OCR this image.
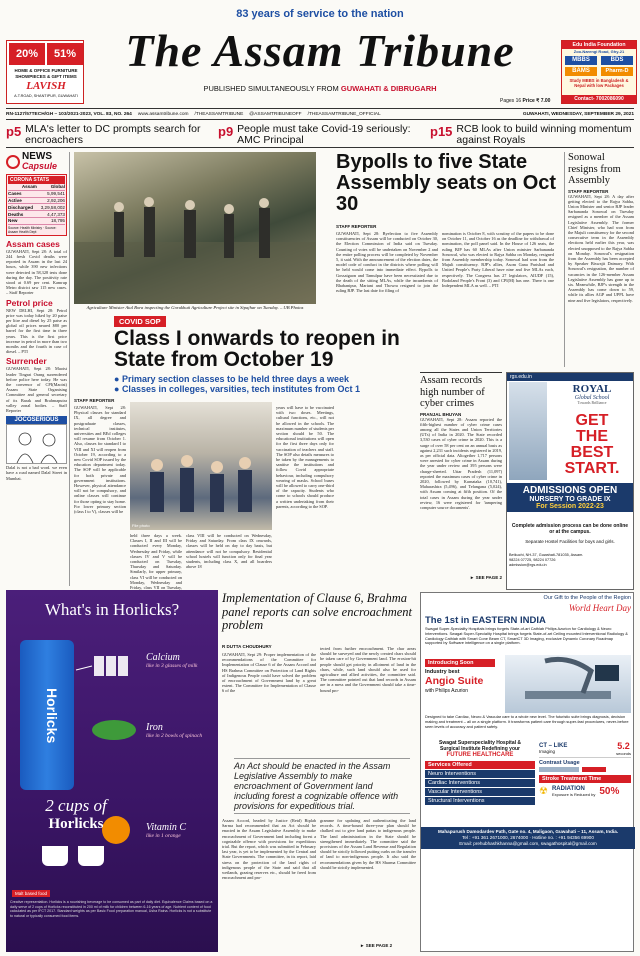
20%	51%
HOME & OFFICE FURNITURE
SHOWPIECES & GIFT ITEMS
LAVISH
A.T.ROAD, SHANTIPUR, GUWAHATI
83 years of service to the nation
The Assam Tribune
PUBLISHED SIMULTANEOUSLY FROM GUWAHATI & DIBRUGARH
Edu India Foundation
Zoo-Narengi Road, Ghy-21
MBBS	BDS
BAMS	Pharm-D
Study MBBS in Bangladesh & Nepal with low Packages
Contact- 7002086090
RN-1127/57TECH/GH – 103/2021-2023, VOL. 83, NO. 264 www.assamtribune.com /THEASSAMTRIBUNE @ASSAMTRIBUNEOFF /THEASSAMTRIBUNE_OFFICIAL	GUWAHATI, WEDNESDAY, SEPTEMBER 29, 2021
Pages 16 Price ₹ 7.00
p5 MLA's letter to DC prompts search for encroachers
p9 People must take Covid-19 seriously: AMC Principal
p15 RCB look to build winning momentum against Royals
NEWS
Capsule
CORONA STATS
Assam	Global
Cases	5,99,541
Active	2,92,206
Discharged 3,29,58,002
Deaths	4,47,373
New	18,795
Source: Health Ministry · Source: Assam Health Dept
Assam cases
GUWAHATI, Sept 28: A total of 244 fresh Covid deaths were reported in Assam in the last 24 hours, while 390 new infections were detected in 58,328 tests done during the day. The positivity rate stood at 0.69 per cent. Kamrup Metro district saw 115 new cases. – Staff Reporter
Petrol price
NEW DELHI, Sept 28: Petrol price was today hiked by 20 paise per litre and diesel by 25 paise as global oil prices neared $80 per barrel for the first time in three years. This is the first price increase in petrol in more than two months and the fourth in case of diesel. – PTI
Surrender
GUWAHATI, Sept 28: Maoist leader Tingrai Orang surrendered before police here today. He was the convenor of CPI(Maoist) Assam State Organising Committee and general secretary of its Barak and Brahmaputra valley zonal bodies. – Staff Reporter
JOCOSERIOUS
Dalal is not a bad word. we even have a road named Dalal Street in Mumbai.
Agriculture Minister Atul Bora inspecting the Gorukhuti Agriculture Project site in Sipajhar on Tuesday. – UB Photos
COVID SOP
Class I onwards to reopen in State from October 19
● Primary section classes to be held three days a week
● Classes in colleges, varsities, tech institutes from Oct 1
STAFF REPORTER
GUWAHATI, Sept 28: Physical classes for standard IX, all degree and postgraduate classes, technical institutes, universities and BEd colleges will resume from October 1. Also, classes for standard I to VIII and XI will reopen from October 19, according to a new Covid SOP issued by the education department today. The SOP will be applicable for both private and government institutions. However, physical attendance will not be compulsory, and online classes will continue for those opting to stay home. For lower primary section (class I to V), classes will be
File photo
held three days a week. Classes I, II and III will be conducted every Monday, Wednesday and Friday, while classes IV and V will be conducted on Tuesday, Thursday and Saturday. Similarly, for upper primary, class VI will be conducted on Monday, Wednesday and Friday, class VII on Tuesday,
class VIII will be conducted on Wednesday, Friday and Saturday. From class IX onwards, classes will be held on day to day basis, but attendance will not be compulsory. Residential school hostels will function only for final year students, including class X, and all boarders above 18
years will have to be vaccinated with two doses. Meetings, cultural functions, etc., will not be allowed in the schools. The maximum number of students per section should be 50. The educational institutions will open for the first three days only for vaccination of teachers and staff. The SOP also details measures to be taken by the managements to sanitise the institutions and follow Covid appropriate behaviour, including compulsory wearing of masks. School buses will be allowed to carry one-third of the capacity. Students who come to schools should produce a written undertaking from their parents, according to the SOP.
Bypolls to five State Assembly seats on Oct 30
STAFF REPORTER
GUWAHATI, Sept 28: Byelection to five Assembly constituencies of Assam will be conducted on October 30, the Election Commission of India said on Tuesday. Counting of votes will be undertaken on November 2 and the entire polling process will be completed by November 5, it said. With the announcement of the election dates, the model code of conduct in the districts where polling will be held would come into immediate effect. Bypolls to Gossaigaon and Tamulpur have been necessitated due to the death of the sitting MLAs, while the incumbents of Bhabanipur, Mariani and Thowra resigned to join the ruling BJP. The last date for filing of
nomination is October 8, with scrutiny of the papers to be done on October 11, and October 16 as the deadline for withdrawal of nomination, the poll panel said. In the House of 126 seats, the ruling BJP has 60 MLAs after Union minister Sarbananda Sonowal, who was elected to Rajya Sabha on Monday, resigned from Assembly membership today. Sonowal had won from the Majuli constituency. BJP's allies, Asom Gana Parishad and United People's Party Liberal have nine and five MLAs each, respectively. The Congress has 27 legislators, AIUDF (15), Bodoland People's Front (3) and CPI(M) has one. There is one Independent MLA as well. – PTI
Sonowal resigns from Assembly
STAFF REPORTER
GUWAHATI, Sept 28: A day after getting elected to the Rajya Sabha, Union Minister and senior BJP leader Sarbananda Sonowal on Tuesday resigned as a member of the Assam Legislative Assembly. The former Chief Minister, who had won from the Majuli constituency for the second consecutive term in the Assembly elections held earlier this year, was elected unopposed to the Rajya Sabha on Monday. Sonowal's resignation from the Assembly has been accepted by Speaker Biswajit Daimary. With Sonowal's resignation, the number of vacancies in the 126-member Assam Legislative Assembly has gone up to six. Meanwhile, BJP's strength in the Assembly has come down to 59, while its allies AGP and UPPL have nine and five legislators, respectively.
Assam records high number of cyber crimes
PRANJAL BHUYAN
GUWAHATI, Sept 28: Assam reported the fifth-highest number of cyber crime cases among all the States and Union Territories (UTs) of India in 2020. The State recorded 3,530 cases of cyber crime in 2020. This is a surge of over 58 per cent on an annual basis as against 2,231 such incidents registered in 2019, as per official data. Altogether 1,717 persons were arrested for cyber crime in Assam during the year under review and 395 persons were charge-sheeted. Uttar Pradesh (11,097) reported the maximum cases of cyber crime in 2020, followed by Karnataka (10,741), Maharashtra (5,496), and Telangana (5,024), with Assam coming at fifth position. Of the total cases in Assam during the year under review, 16 were registered for 'tampering computer source documents'.
► SEE PAGE 2
rgs.edu.in
ROYAL
Global School
Towards Brilliance
GET
THE
BEST
START.
ADMISSIONS OPEN
NURSERY TO GRADE IX
For Session 2022-23
Complete admission process can be done online or at the campus.
Separate Hostel Facilities for boys and girls.
Betkuchi, NH-37, Guwahati-781035, Assam.
98224 07725, 98224 07726
admission@rgs.edu.in
What's in Horlicks?
Horlicks
Calcium
like in 3 glasses of milk
Iron
like in 2 bowls of spinach
Vitamin C
like in 1 orange
2 cups of
Horlicks
Malt based food
Creative representation. Horlicks is a nourishing beverage to be consumed as part of daily diet. Equivalence Claims based on a daily serve of 2 cups of Horlicks reconstituted in 200 ml of milk for children between 6-16 years of age. Nutrient content of food calculated as per IFCT 2017. Standard weights as per Basic Food preparation manual, Usha Raina. Horlicks is not a substitute to natural or typically consumed food items.
Implementation of Clause 6, Brahma panel reports can solve encroachment problem
R DUTTA CHOUDHURY
GUWAHATI, Sept 29: Proper implementation of the recommendations of the Committee for Implementation of Clause 6 of the Assam Accord and HS Brahma Committee on Protection of Land Rights of Indigenous People could have solved the problem of encroachment of Government land by a great extent. The Committee for Implementation of Clause 6 of the
tected from further encroachment. The char areas should be surveyed and the newly created chars should be taken care of by Government land. The erosion-hit people should get priority in allotment of land in the chars, while, such land should also be used for agriculture and allied activities, the committee said. The committee pointed out that land records in Assam are in a mess and the Government should take a time-bound pro-
An Act should be enacted in the Assam Legislative Assembly to make encroachment of Government land including forest a cognizable offence with provisions for expeditious trial.
Assam Accord, headed by Justice (Retd) Biplab Sarma had recommended that an Act should be enacted in the Assam Legislative Assembly to make encroachment of Government land including forest a cognizable offence with provisions for expeditious trial. But the report, which was submitted in February last year, is yet to be implemented by the Central and State Governments. The committee, in its report, laid stress on the protection of the land rights of indigenous people of the State and said that all wetlands, grazing reserves etc., should be freed from encroachment and pro-
gramme for updating and authenticating the land records. A time-bound three-year plan should be chalked out to give land pattas to indigenous people. The land administration in the State should be strengthened immediately. The committee said the provisions of the Assam Land Revenue and Regulation should be strictly followed putting curbs on the transfer of land to non-indigenous people. It also said the recommendations given by the HS Sharma Committee should be strictly implemented.
► SEE PAGE 2
Our Gift to the People of the Region
World Heart Day
The 1st in EASTERN INDIA
Swagat Super-Speciality Hospitals brings forgets State-of-art Cathlab Philips Azurion for Cardiology & Neuro Interventions. Swagat Super-Speciality Hospital brings forgets State-of-art Ceiling mounted Interventional Radiology & Cardiology Cathlab with Smart Cone Beam CT, SmartCT 3D Imaging, exclusive Dynamic Coronary Roadmap supported by Software intelligence on a single platform.
Introducing Soon
Industry best
Angio Suite
with Philips Azurion
Designed to take Cardiac, Neuro & Vascular care to a whole new level. The futuristic suite brings diagnosis, decision making and treatment – all on a single platform. It transforms patient care through super-fast procedures, never-before seen levels of accuracy and patient safety.
Swagat Superspeciality Hospital &
Surgical Institute Redefining your
FUTURE HEALTHCARE
Services Offered
Neuro Interventions
Cardiac Interventions
Vascular Interventions
Structural Interventions
CT – LIKE
Imaging
5.2
seconds
Contrast Usage
Stroke Treatment Time
☢ RADIATION
Exposure is Reduced by 50%
Mahapurush Damodardev Path, Gate no. 4, Maligaon, Guwahati – 11, Assam, India.
Tel : +91 361 2671000, 2674000 · Hotline no. : +91 94356 69900
Email: prehubhashkhanna@gmail.com, swagathospital@gmail.com
